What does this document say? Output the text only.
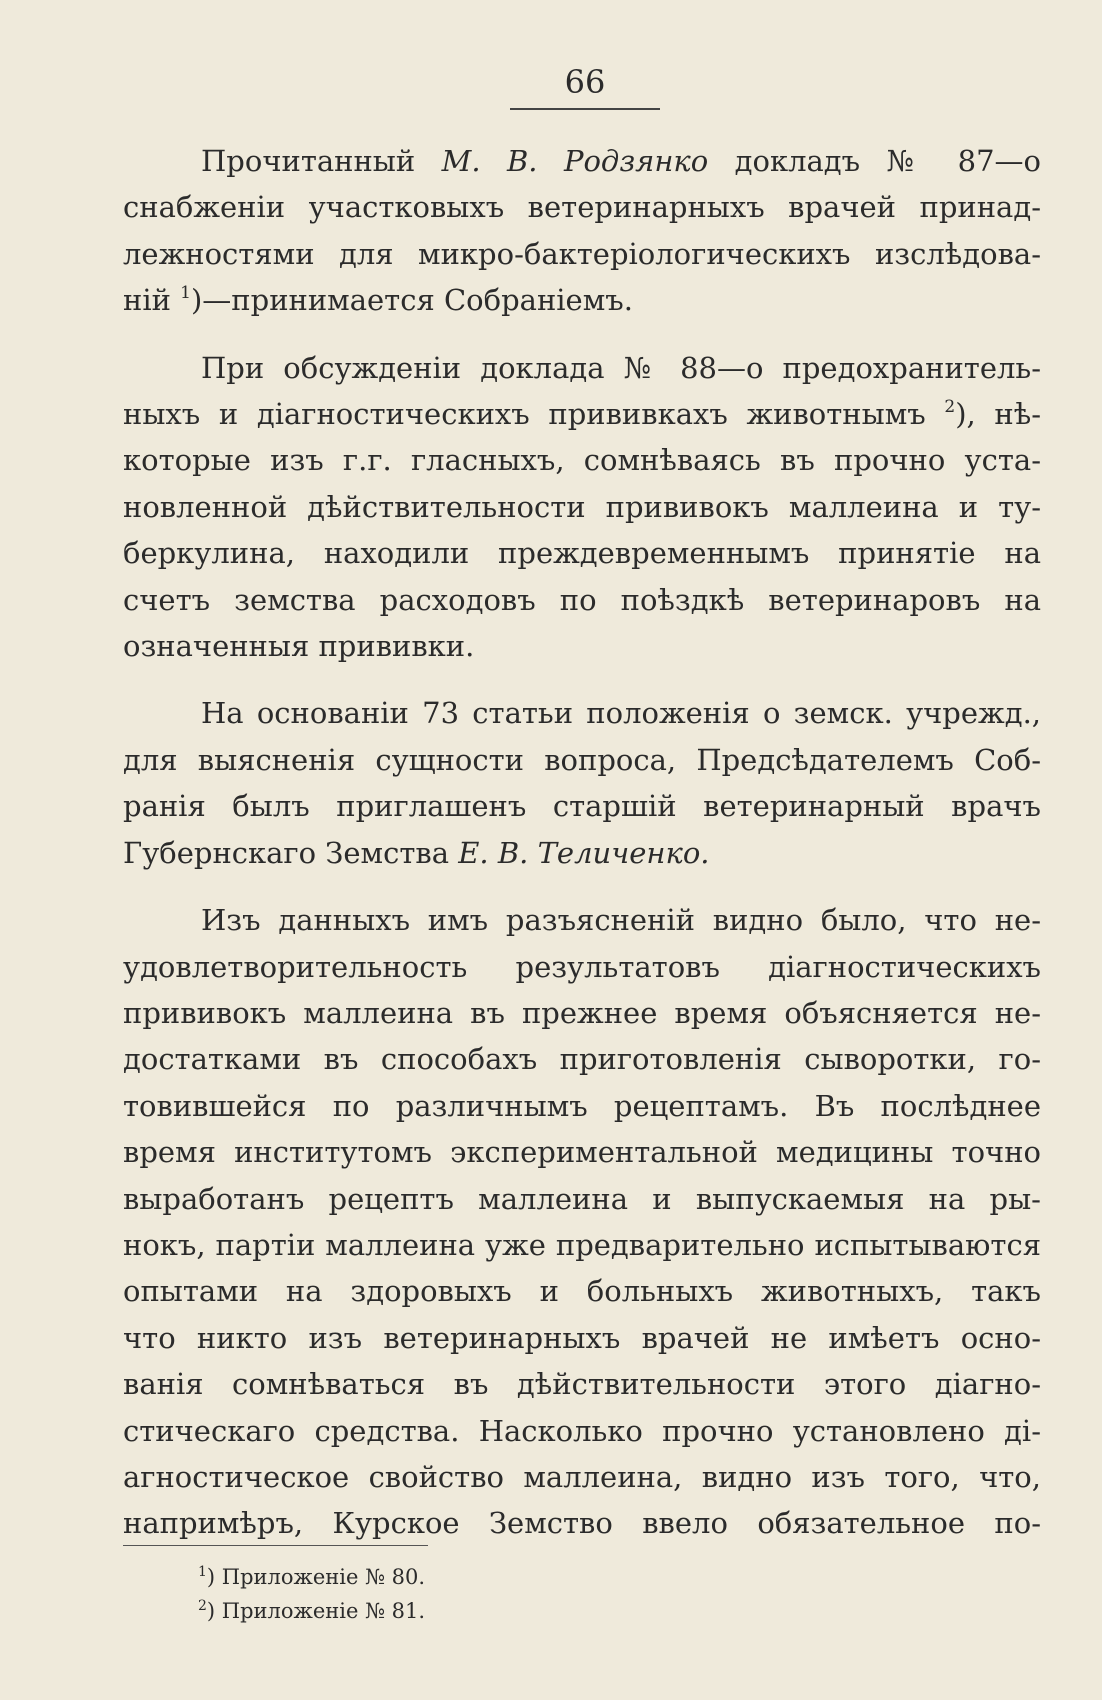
66

Прочитанный М. В. Родзянко докладъ № 87—о
снабженіи участковыхъ ветеринарныхъ врачей принад-
лежностями для микро-бактеріологическихъ изслѣдова-
ній $^1$)—принимается Собраніемъ.

При обсужденіи доклада № 88—о предохранитель-
ныхъ и діагностическихъ прививкахъ животнымъ $^2$), нѣ-
которые изъ г.г. гласныхъ, сомнѣваясь въ прочно уста-
новленной дѣйствительности прививокъ маллеина и ту-
беркулина, находили преждевременнымъ принятіе на
счетъ земства расходовъ по поѣздкѣ ветеринаровъ на
означенныя прививки.

На основаніи 73 статьи положенія о земск. учрежд.,
для выясненія сущности вопроса, Предсѣдателемъ Соб-
ранія былъ приглашенъ старшій ветеринарный врачъ
Губернскаго Земства Е. В. Теличенко.

Изъ данныхъ имъ разъясненій видно было, что не-
удовлетворительность результатовъ діагностическихъ
прививокъ маллеина въ прежнее время объясняется не-
достатками въ способахъ приготовленія сыворотки, го-
товившейся по различнымъ рецептамъ. Въ послѣднее
время институтомъ экспериментальной медицины точно
выработанъ рецептъ маллеина и выпускаемыя на ры-
нокъ, партіи маллеина уже предварительно испытываются
опытами на здоровыхъ и больныхъ животныхъ, такъ
что никто изъ ветеринарныхъ врачей не имѣетъ осно-
ванія сомнѣваться въ дѣйствительности этого діагно-
стическаго средства. Насколько прочно установлено ді-
агностическое свойство маллеина, видно изъ того, что,
напримѣръ, Курское Земство ввело обязательное по-

$^1$) Приложеніе № 80.
$^2$) Приложеніе № 81.
